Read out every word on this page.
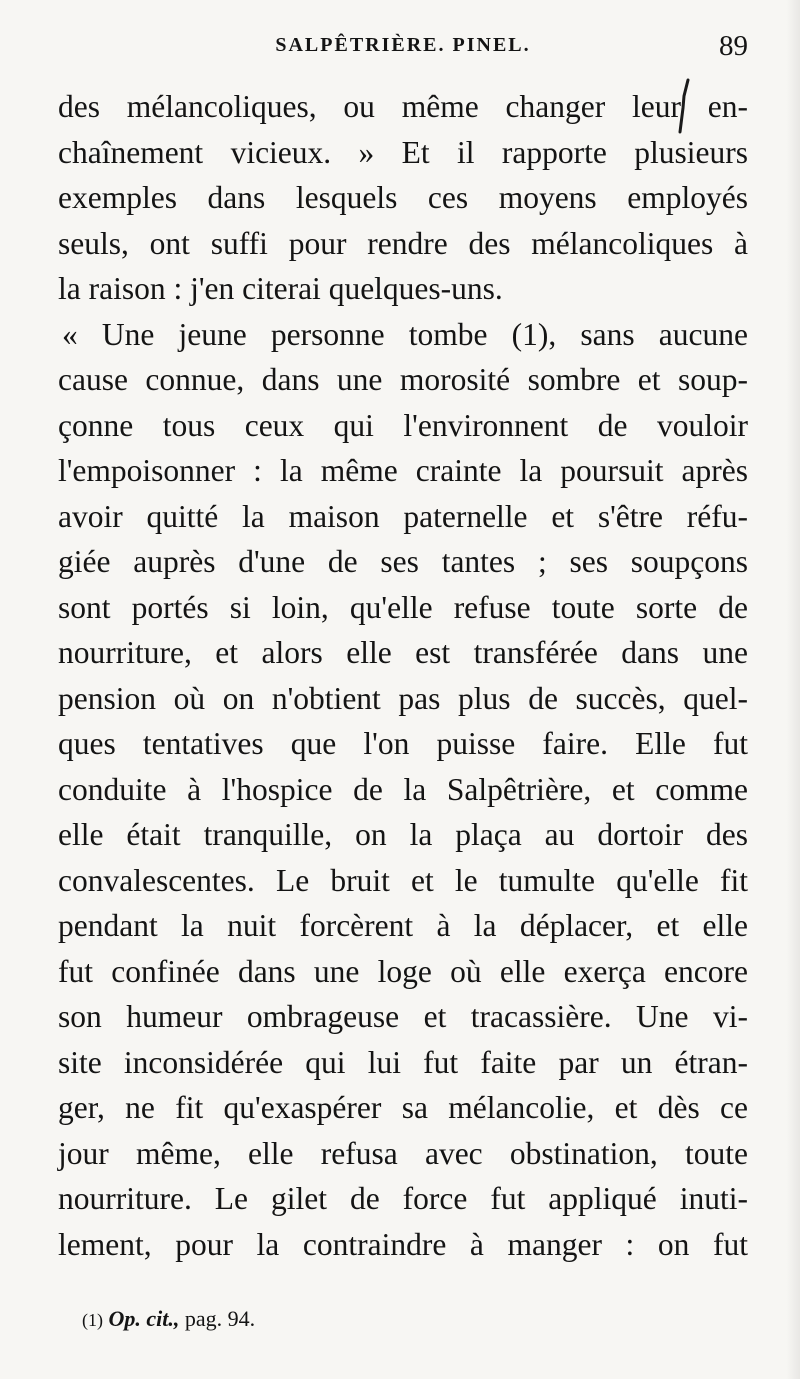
SALPÊTRIÈRE. PINEL.	89
des mélancoliques, ou même changer leur en-
chaînement vicieux. » Et il rapporte plusieurs
exemples dans lesquels ces moyens employés
seuls, ont suffi pour rendre des mélancoliques à
la raison : j'en citerai quelques-uns.
« Une jeune personne tombe (1), sans aucune
cause connue, dans une morosité sombre et soup-
çonne tous ceux qui l'environnent de vouloir
l'empoisonner : la même crainte la poursuit après
avoir quitté la maison paternelle et s'être réfu-
giée auprès d'une de ses tantes ; ses soupçons
sont portés si loin, qu'elle refuse toute sorte de
nourriture, et alors elle est transférée dans une
pension où on n'obtient pas plus de succès, quel-
ques tentatives que l'on puisse faire. Elle fut
conduite à l'hospice de la Salpêtrière, et comme
elle était tranquille, on la plaça au dortoir des
convalescentes. Le bruit et le tumulte qu'elle fit
pendant la nuit forcèrent à la déplacer, et elle
fut confinée dans une loge où elle exerça encore
son humeur ombrageuse et tracassière. Une vi-
site inconsidérée qui lui fut faite par un étran-
ger, ne fit qu'exaspérer sa mélancolie, et dès ce
jour même, elle refusa avec obstination, toute
nourriture. Le gilet de force fut appliqué inuti-
lement, pour la contraindre à manger : on fut
(1) Op. cit., pag. 94.
